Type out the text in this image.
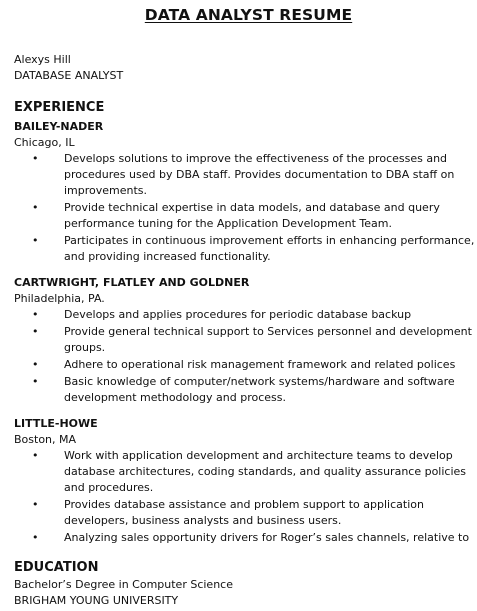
DATA ANALYST RESUME
Alexys Hill
DATABASE ANALYST
EXPERIENCE
BAILEY-NADER
Chicago, IL
• Develops solutions to improve the effectiveness of the processes and procedures used by DBA staff. Provides documentation to DBA staff on improvements.
• Provide technical expertise in data models, and database and query performance tuning for the Application Development Team.
• Participates in continuous improvement efforts in enhancing performance, and providing increased functionality.
CARTWRIGHT, FLATLEY AND GOLDNER
Philadelphia, PA.
• Develops and applies procedures for periodic database backup
• Provide general technical support to Services personnel and development groups.
• Adhere to operational risk management framework and related polices
• Basic knowledge of computer/network systems/hardware and software development methodology and process.
LITTLE-HOWE
Boston, MA
• Work with application development and architecture teams to develop database architectures, coding standards, and quality assurance policies and procedures.
• Provides database assistance and problem support to application developers, business analysts and business users.
• Analyzing sales opportunity drivers for Roger’s sales channels, relative to
EDUCATION
Bachelor’s Degree in Computer Science
BRIGHAM YOUNG UNIVERSITY
